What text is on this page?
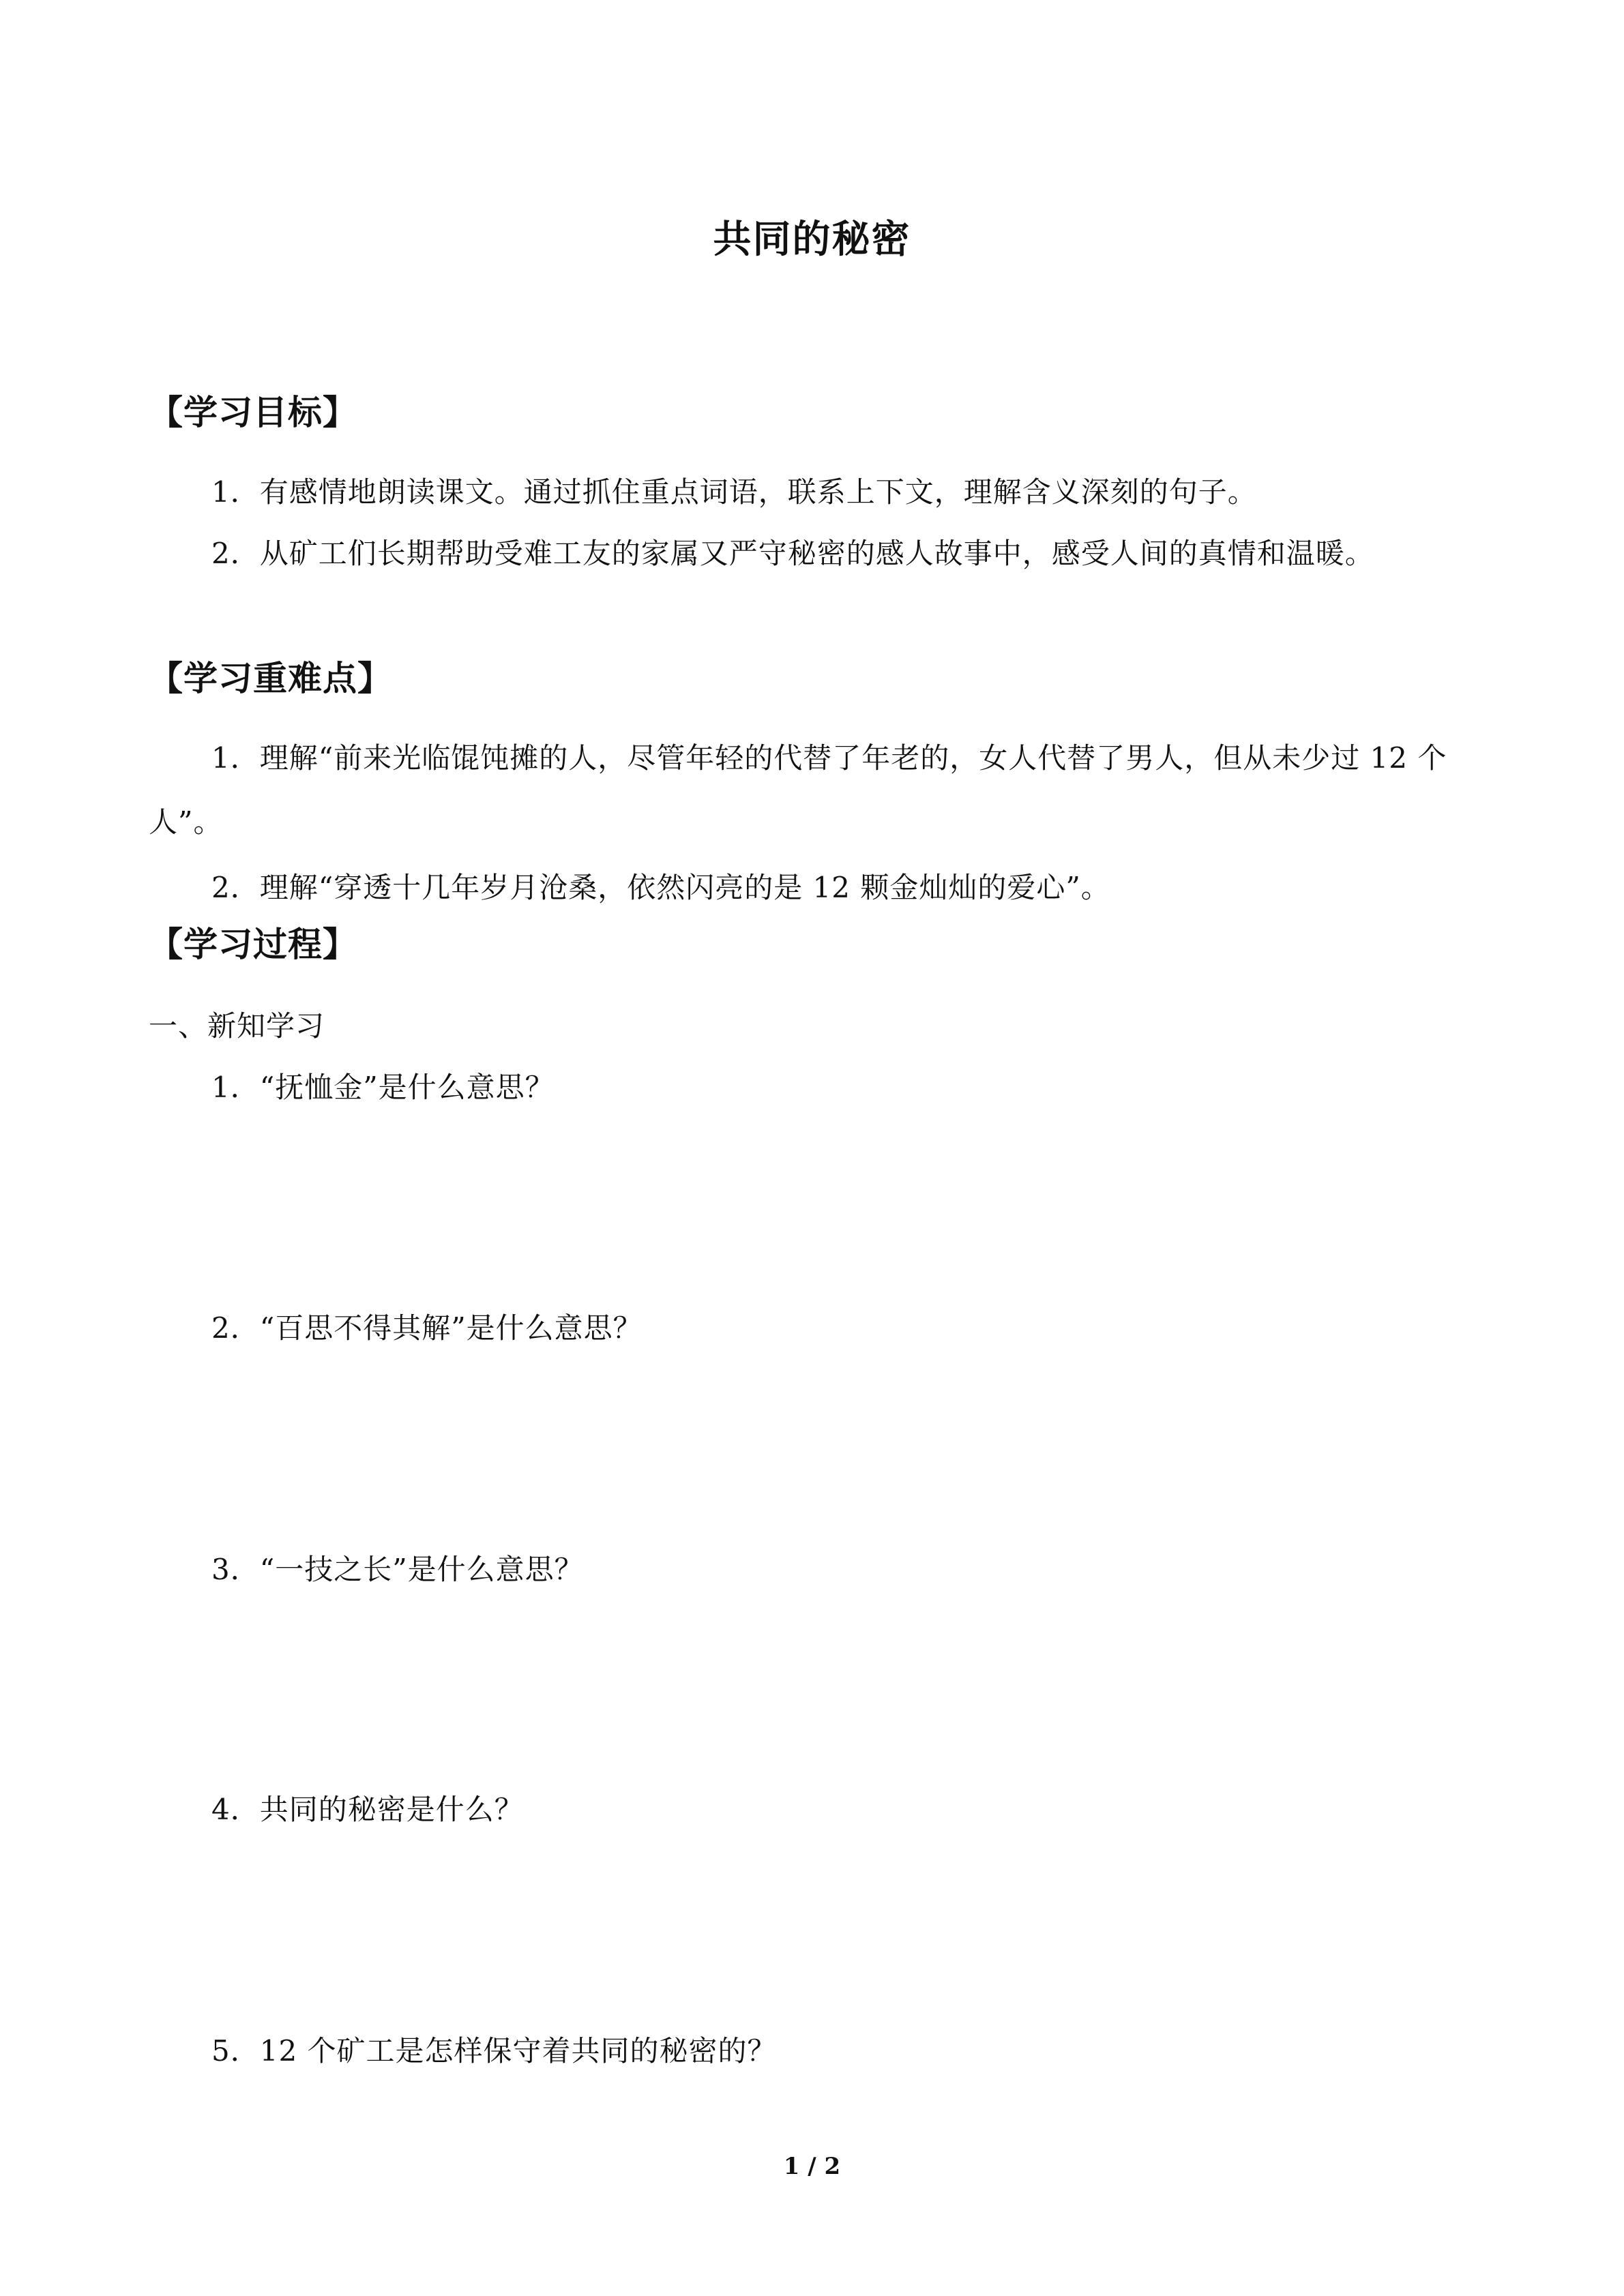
共同的秘密
【学习目标】
1．有感情地朗读课文。通过抓住重点词语，联系上下文，理解含义深刻的句子。
2．从矿工们长期帮助受难工友的家属又严守秘密的感人故事中，感受人间的真情和温暖。
【学习重难点】
1．理解“前来光临馄饨摊的人，尽管年轻的代替了年老的，女人代替了男人，但从未少过 12 个人”。
2．理解“穿透十几年岁月沧桑，依然闪亮的是 12 颗金灿灿的爱心”。
【学习过程】
一、新知学习
1．“抚恤金”是什么意思？
2．“百思不得其解”是什么意思？
3．“一技之长”是什么意思？
4．共同的秘密是什么？
5．12 个矿工是怎样保守着共同的秘密的？
1 / 2
